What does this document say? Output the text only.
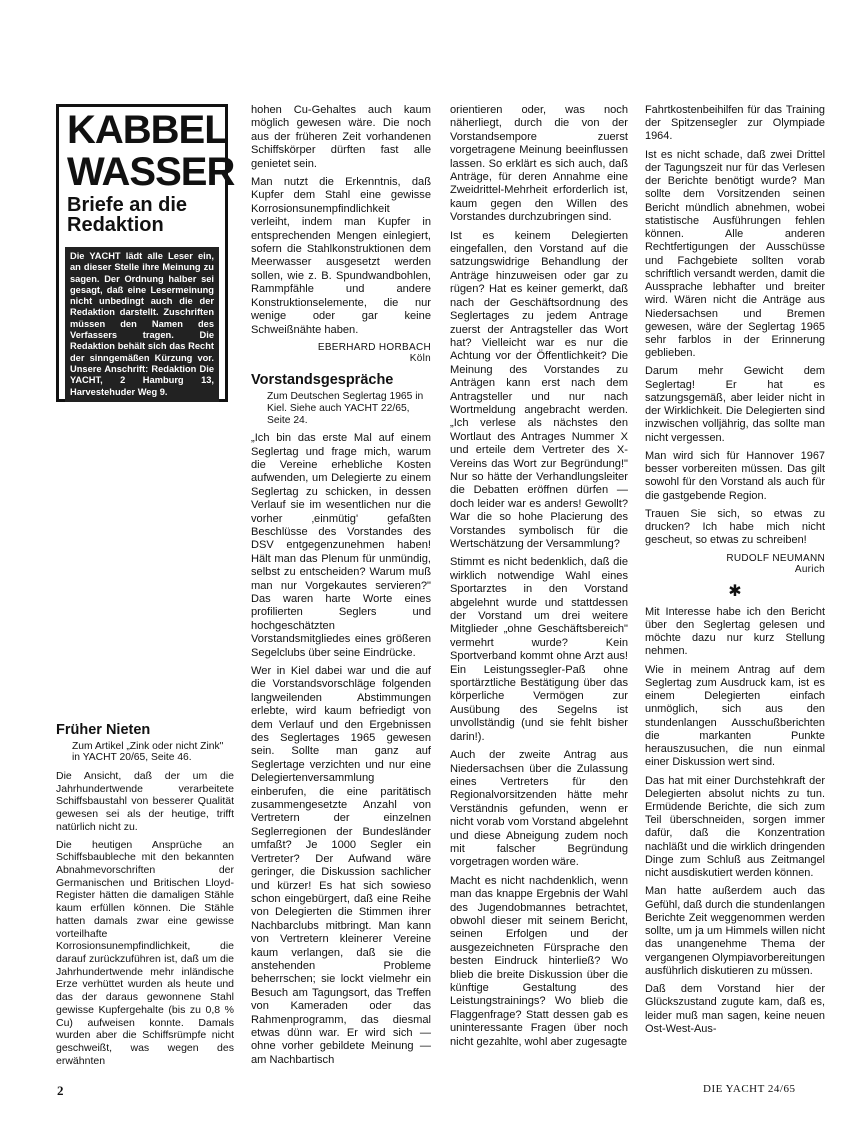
KABBEL
WASSER
Briefe an die Redaktion
Die YACHT lädt alle Leser ein, an dieser Stelle ihre Meinung zu sagen. Der Ordnung halber sei gesagt, daß eine Lesermeinung nicht unbedingt auch die der Redaktion darstellt. Zuschriften müssen den Namen des Verfassers tragen. Die Redaktion behält sich das Recht der sinngemäßen Kürzung vor. Unsere Anschrift: Redaktion Die YACHT, 2 Hamburg 13, Harvestehuder Weg 9.
Früher Nieten
Zum Artikel „Zink oder nicht Zink" in YACHT 20/65, Seite 46.

Die Ansicht, daß der um die Jahrhundertwende verarbeitete Schiffsbaustahl von besserer Qualität gewesen sei als der heutige, trifft natürlich nicht zu.

Die heutigen Ansprüche an Schiffsbaubleche mit den bekannten Abnahmevorschriften der Germanischen und Britischen Lloyd-Register hätten die damaligen Stähle kaum erfüllen können. Die Stähle hatten damals zwar eine gewisse vorteilhafte Korrosionsunempfindlichkeit, die darauf zurückzuführen ist, daß um die Jahrhundertwende mehr inländische Erze verhüttet wurden als heute und das der daraus gewonnene Stahl gewisse Kupfergehalte (bis zu 0,8 % Cu) aufweisen konnte. Damals wurden aber die Schiffsrümpfe nicht geschweißt, was wegen des erwähnten

hohen Cu-Gehaltes auch kaum möglich gewesen wäre. Die noch aus der früheren Zeit vorhandenen Schiffskörper dürften fast alle genietet sein.

Man nutzt die Erkenntnis, daß Kupfer dem Stahl eine gewisse Korrosionsunempfindlichkeit verleiht, indem man Kupfer in entsprechenden Mengen einlegiert, sofern die Stahlkonstruktionen dem Meerwasser ausgesetzt werden sollen, wie z. B. Spundwandbohlen, Rammpfähle und andere Konstruktionselemente, die nur wenige oder gar keine Schweißnähte haben.

EBERHARD HORBACH
Köln
Vorstandsgespräche
Zum Deutschen Seglertag 1965 in Kiel. Siehe auch YACHT 22/65, Seite 24.

„Ich bin das erste Mal auf einem Seglertag und frage mich, warum die Vereine erhebliche Kosten aufwenden, um Delegierte zu einem Seglertag zu schicken, in dessen Verlauf sie im wesentlichen nur die vorher ‚einmütig' gefaßten Beschlüsse des Vorstandes des DSV entgegenzunehmen haben! Hält man das Plenum für unmündig, selbst zu entscheiden? Warum muß man nur Vorgekautes servieren?" Das waren harte Worte eines profilierten Seglers und hochgeschätzten Vorstandsmitgliedes eines größeren Segelclubs über seine Eindrücke.

Wer in Kiel dabei war und die auf die Vorstandsvorschläge folgenden langweilenden Abstimmungen erlebte, wird kaum befriedigt von dem Verlauf und den Ergebnissen des Seglertages 1965 gewesen sein. Sollte man ganz auf Seglertage verzichten und nur eine Delegiertenversammlung einberufen, die eine paritätisch zusammengesetzte Anzahl von Vertretern der einzelnen Seglerregionen der Bundesländer umfaßt? Je 1000 Segler ein Vertreter? Der Aufwand wäre geringer, die Diskussion sachlicher und kürzer! Es hat sich sowieso schon eingebürgert, daß eine Reihe von Delegierten die Stimmen ihrer Nachbarclubs mitbringt. Man kann von Vertretern kleinerer Vereine kaum verlangen, daß sie die anstehenden Probleme beherrschen; sie lockt vielmehr ein Besuch am Tagungsort, das Treffen von Kameraden oder das Rahmenprogramm, das diesmal etwas dünn war. Er wird sich — ohne vorher gebildete Meinung — am Nachbartisch

orientieren oder, was noch näherliegt, durch die von der Vorstandsempore zuerst vorgetragene Meinung beeinflussen lassen. So erklärt es sich auch, daß Anträge, für deren Annahme eine Zweidrittel-Mehrheit erforderlich ist, kaum gegen den Willen des Vorstandes durchzubringen sind.

Ist es keinem Delegierten eingefallen, den Vorstand auf die satzungswidrige Behandlung der Anträge hinzuweisen oder gar zu rügen? Hat es keiner gemerkt, daß nach der Geschäftsordnung des Seglertages zu jedem Antrage zuerst der Antragsteller das Wort hat? Vielleicht war es nur die Achtung vor der Öffentlichkeit? Die Meinung des Vorstandes zu Anträgen kann erst nach dem Antragsteller und nur nach Wortmeldung angebracht werden. „Ich verlese als nächstes den Wortlaut des Antrages Nummer X und erteile dem Vertreter des X-Vereins das Wort zur Begründung!" Nur so hätte der Verhandlungsleiter die Debatten eröffnen dürfen — doch leider war es anders! Gewollt? War die so hohe Placierung des Vorstandes symbolisch für die Wertschätzung der Versammlung?

Stimmt es nicht bedenklich, daß die wirklich notwendige Wahl eines Sportarztes in den Vorstand abgelehnt wurde und stattdessen der Vorstand um drei weitere Mitglieder „ohne Geschäftsbereich" vermehrt wurde? Kein Sportverband kommt ohne Arzt aus! Ein Leistungssegler-Paß ohne sportärztliche Bestätigung über das körperliche Vermögen zur Ausübung des Segelns ist unvollständig (und sie fehlt bisher darin!).

Auch der zweite Antrag aus Niedersachsen über die Zulassung eines Vertreters für den Regionalvorsitzenden hätte mehr Verständnis gefunden, wenn er nicht vorab vom Vorstand abgelehnt und diese Abneigung zudem noch mit falscher Begründung vorgetragen worden wäre.

Macht es nicht nachdenklich, wenn man das knappe Ergebnis der Wahl des Jugendobmannes betrachtet, obwohl dieser mit seinem Bericht, seinen Erfolgen und der ausgezeichneten Fürsprache den besten Eindruck hinterließ? Wo blieb die breite Diskussion über die künftige Gestaltung des Leistungstrainings? Wo blieb die Flaggenfrage? Statt dessen gab es uninteressante Fragen über noch nicht gezahlte, wohl aber zugesagte

Fahrtkostenbeihilfen für das Training der Spitzensegler zur Olympiade 1964.

Ist es nicht schade, daß zwei Drittel der Tagungszeit nur für das Verlesen der Berichte benötigt wurde? Man sollte dem Vorsitzenden seinen Bericht mündlich abnehmen, wobei statistische Ausführungen fehlen können. Alle anderen Rechtfertigungen der Ausschüsse und Fachgebiete sollten vorab schriftlich versandt werden, damit die Aussprache lebhafter und breiter wird. Wären nicht die Anträge aus Niedersachsen und Bremen gewesen, wäre der Seglertag 1965 sehr farblos in der Erinnerung geblieben.

Darum mehr Gewicht dem Seglertag! Er hat es satzungsgemäß, aber leider nicht in der Wirklichkeit. Die Delegierten sind inzwischen volljährig, das sollte man nicht vergessen.

Man wird sich für Hannover 1967 besser vorbereiten müssen. Das gilt sowohl für den Vorstand als auch für die gastgebende Region.

Trauen Sie sich, so etwas zu drucken? Ich habe mich nicht gescheut, so etwas zu schreiben!

RUDOLF NEUMANN
Aurich
✱

Mit Interesse habe ich den Bericht über den Seglertag gelesen und möchte dazu nur kurz Stellung nehmen.

Wie in meinem Antrag auf dem Seglertag zum Ausdruck kam, ist es einem Delegierten einfach unmöglich, sich aus den stundenlangen Ausschußberichten die markanten Punkte herauszusuchen, die nun einmal einer Diskussion wert sind.

Das hat mit einer Durchstehkraft der Delegierten absolut nichts zu tun. Ermüdende Berichte, die sich zum Teil überschneiden, sorgen immer dafür, daß die Konzentration nachläßt und die wirklich dringenden Dinge zum Schluß aus Zeitmangel nicht ausdiskutiert werden können.

Man hatte außerdem auch das Gefühl, daß durch die stundenlangen Berichte Zeit weggenommen werden sollte, um ja um Himmels willen nicht das unangenehme Thema der vergangenen Olympiavorbereitungen ausführlich diskutieren zu müssen.

Daß dem Vorstand hier der Glückszustand zugute kam, daß es, leider muß man sagen, keine neuen Ost-West-Aus-

2	DIE YACHT 24/65
